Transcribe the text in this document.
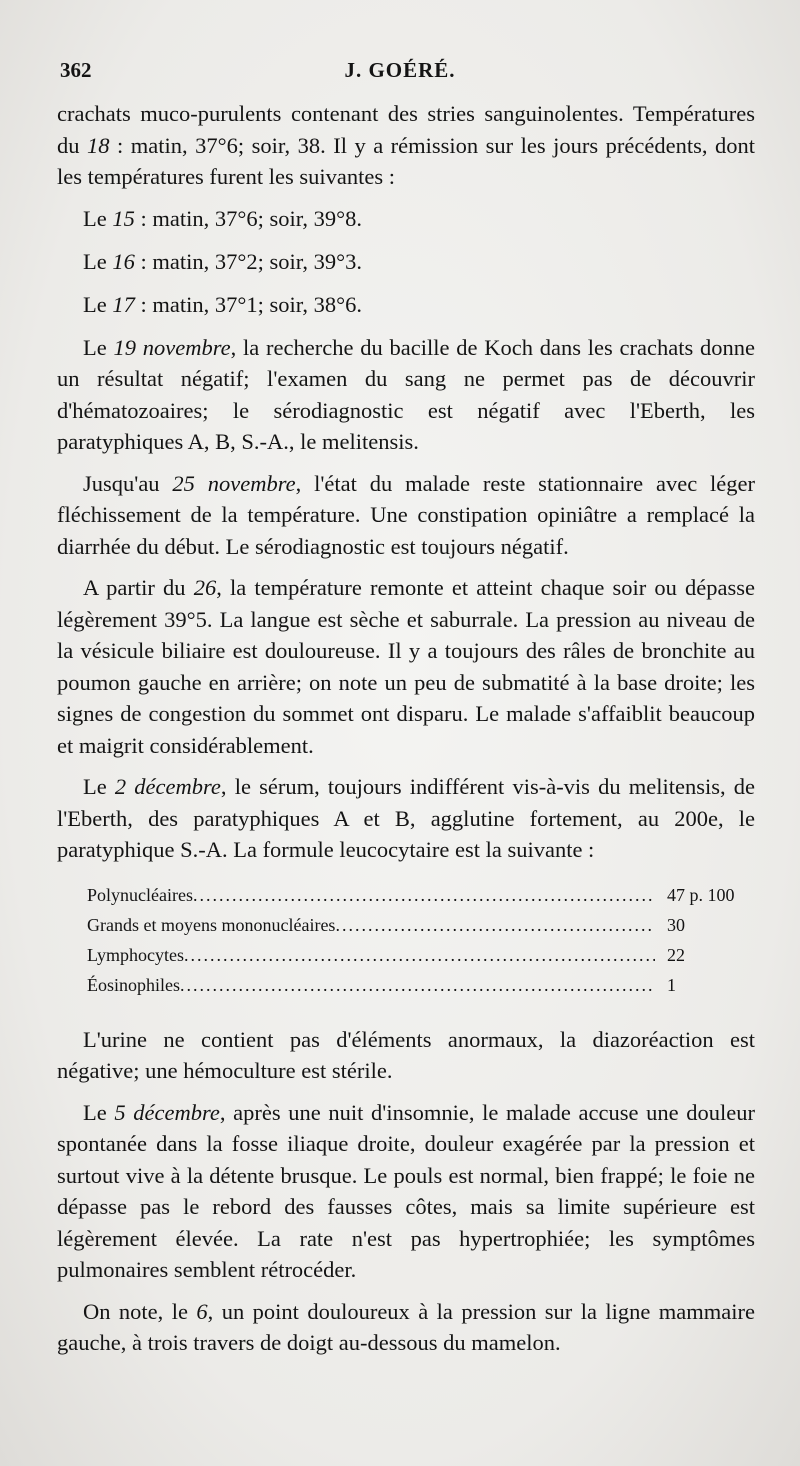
362	J. GOÉRÉ.

crachats muco-purulents contenant des stries sanguinolentes. Températures du 18 : matin, 37°6; soir, 38. Il y a rémission sur les jours précédents, dont les températures furent les suivantes :

Le 15 : matin, 37°6; soir, 39°8.
Le 16 : matin, 37°2; soir, 39°3.
Le 17 : matin, 37°1; soir, 38°6.

Le 19 novembre, la recherche du bacille de Koch dans les crachats donne un résultat négatif; l'examen du sang ne permet pas de découvrir d'hématozoaires; le sérodiagnostic est négatif avec l'Eberth, les paratyphiques A, B, S.-A., le melitensis.

Jusqu'au 25 novembre, l'état du malade reste stationnaire avec léger fléchissement de la température. Une constipation opiniâtre a remplacé la diarrhée du début. Le sérodiagnostic est toujours négatif.

A partir du 26, la température remonte et atteint chaque soir ou dépasse légèrement 39°5. La langue est sèche et saburrale. La pression au niveau de la vésicule biliaire est douloureuse. Il y a toujours des râles de bronchite au poumon gauche en arrière; on note un peu de submatité à la base droite; les signes de congestion du sommet ont disparu. Le malade s'affaiblit beaucoup et maigrit considérablement.

Le 2 décembre, le sérum, toujours indifférent vis-à-vis du melitensis, de l'Eberth, des paratyphiques A et B, agglutine fortement, au 200e, le paratyphique S.-A. La formule leucocytaire est la suivante :

Polynucléaires .....	47 p. 100
Grands et moyens mononucléaires .....	30
Lymphocytes .....	22
Éosinophiles .....	1

L'urine ne contient pas d'éléments anormaux, la diazoréaction est négative; une hémoculture est stérile.

Le 5 décembre, après une nuit d'insomnie, le malade accuse une douleur spontanée dans la fosse iliaque droite, douleur exagérée par la pression et surtout vive à la détente brusque. Le pouls est normal, bien frappé; le foie ne dépasse pas le rebord des fausses côtes, mais sa limite supérieure est légèrement élevée. La rate n'est pas hypertrophiée; les symptômes pulmonaires semblent rétrocéder.

On note, le 6, un point douloureux à la pression sur la ligne mammaire gauche, à trois travers de doigt au-dessous du mamelon.
